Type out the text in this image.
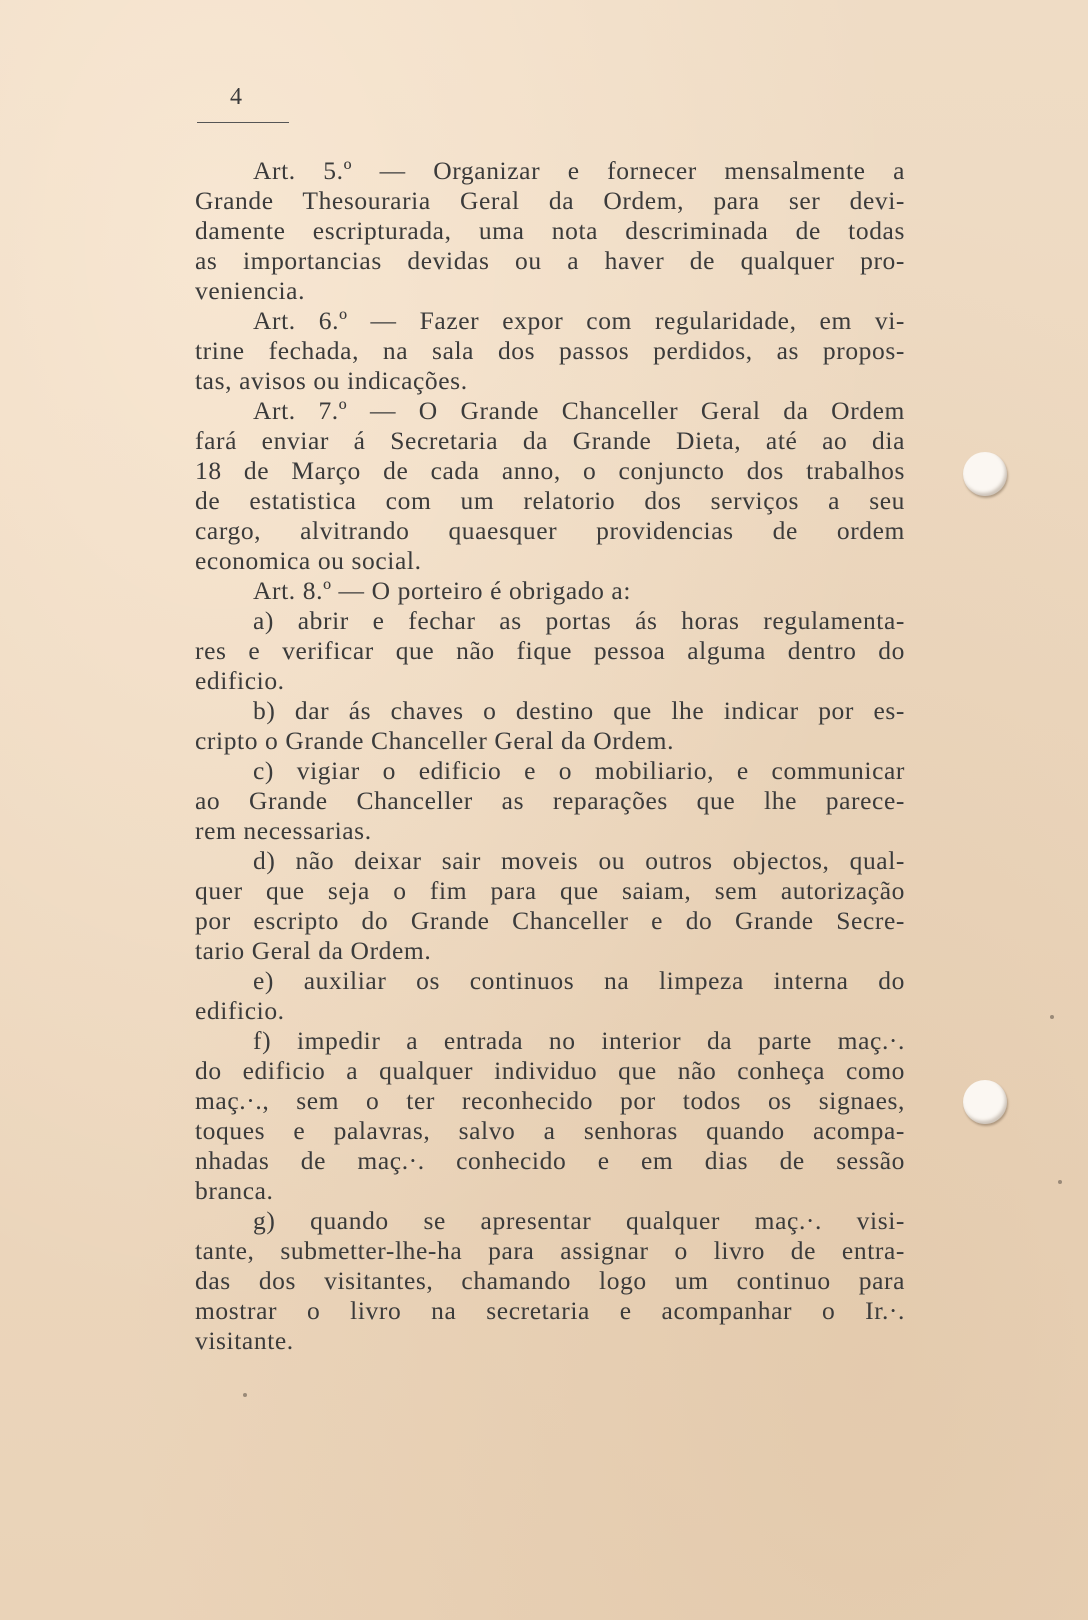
4
Art. 5.º — Organizar e fornecer mensalmente a
Grande Thesouraria Geral da Ordem, para ser devi-
damente escripturada, uma nota descriminada de todas
as importancias devidas ou a haver de qualquer pro-
veniencia.
Art. 6.º — Fazer expor com regularidade, em vi-
trine fechada, na sala dos passos perdidos, as propos-
tas, avisos ou indicações.
Art. 7.º — O Grande Chanceller Geral da Ordem
fará enviar á Secretaria da Grande Dieta, até ao dia
18 de Março de cada anno, o conjuncto dos trabalhos
de estatistica com um relatorio dos serviços a seu
cargo, alvitrando quaesquer providencias de ordem
economica ou social.
Art. 8.º — O porteiro é obrigado a:
a) abrir e fechar as portas ás horas regulamenta-
res e verificar que não fique pessoa alguma dentro do
edificio.
b) dar ás chaves o destino que lhe indicar por es-
cripto o Grande Chanceller Geral da Ordem.
c) vigiar o edificio e o mobiliario, e communicar
ao Grande Chanceller as reparações que lhe parece-
rem necessarias.
d) não deixar sair moveis ou outros objectos, qual-
quer que seja o fim para que saiam, sem autorização
por escripto do Grande Chanceller e do Grande Secre-
tario Geral da Ordem.
e) auxiliar os continuos na limpeza interna do
edificio.
f) impedir a entrada no interior da parte maç.·.
do edificio a qualquer individuo que não conheça como
maç.·., sem o ter reconhecido por todos os signaes,
toques e palavras, salvo a senhoras quando acompa-
nhadas de maç.·. conhecido e em dias de sessão
branca.
g) quando se apresentar qualquer maç.·. visi-
tante, submetter-lhe-ha para assignar o livro de entra-
das dos visitantes, chamando logo um continuo para
mostrar o livro na secretaria e acompanhar o Ir.·.
visitante.
